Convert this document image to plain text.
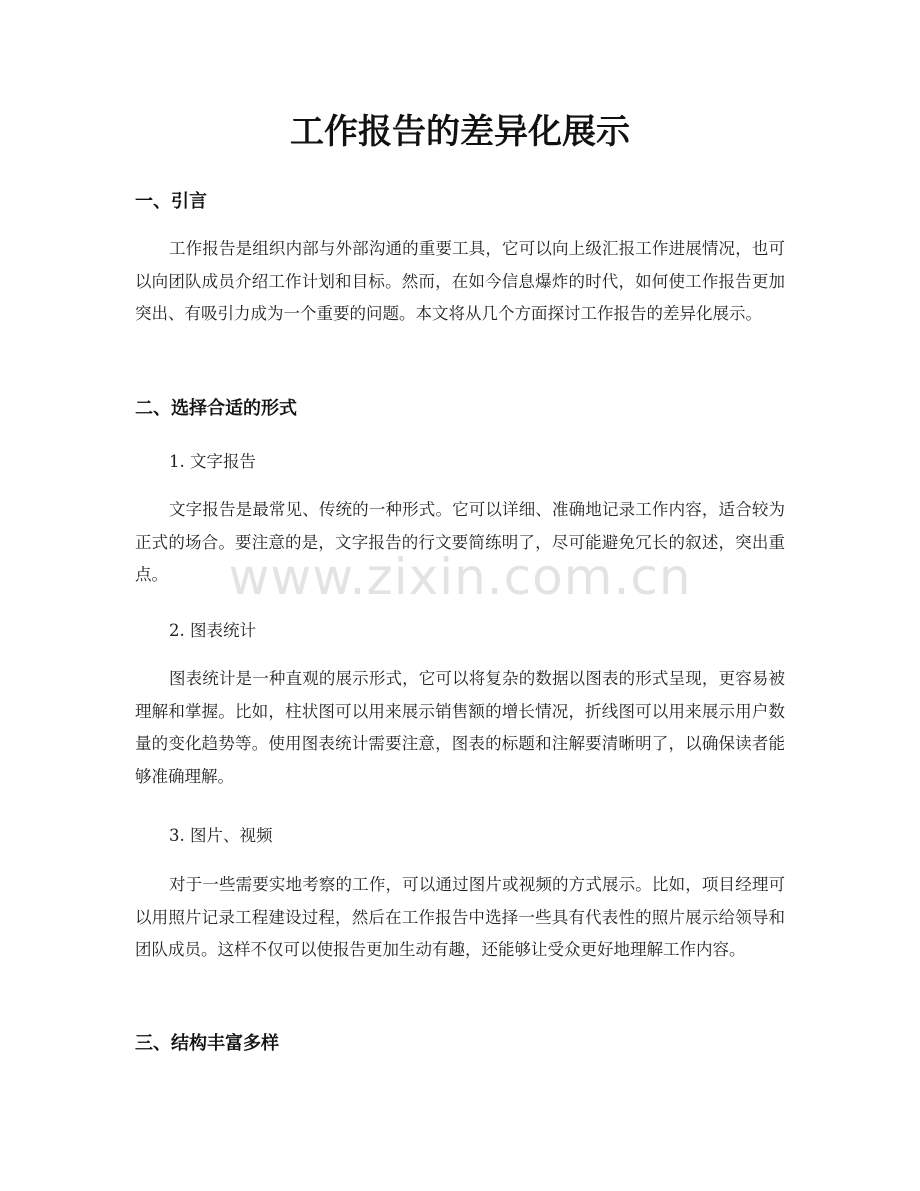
工作报告的差异化展示
一、引言

工作报告是组织内部与外部沟通的重要工具，它可以向上级汇报工作进展情况，也可以向团队成员介绍工作计划和目标。然而，在如今信息爆炸的时代，如何使工作报告更加突出、有吸引力成为一个重要的问题。本文将从几个方面探讨工作报告的差异化展示。

二、选择合适的形式
1. 文字报告

文字报告是最常见、传统的一种形式。它可以详细、准确地记录工作内容，适合较为正式的场合。要注意的是，文字报告的行文要简练明了，尽可能避免冗长的叙述，突出重点。

2. 图表统计

图表统计是一种直观的展示形式，它可以将复杂的数据以图表的形式呈现，更容易被理解和掌握。比如，柱状图可以用来展示销售额的增长情况，折线图可以用来展示用户数量的变化趋势等。使用图表统计需要注意，图表的标题和注解要清晰明了，以确保读者能够准确理解。

3. 图片、视频

对于一些需要实地考察的工作，可以通过图片或视频的方式展示。比如，项目经理可以用照片记录工程建设过程，然后在工作报告中选择一些具有代表性的照片展示给领导和团队成员。这样不仅可以使报告更加生动有趣，还能够让受众更好地理解工作内容。

三、结构丰富多样
www.zixin.com.cn
